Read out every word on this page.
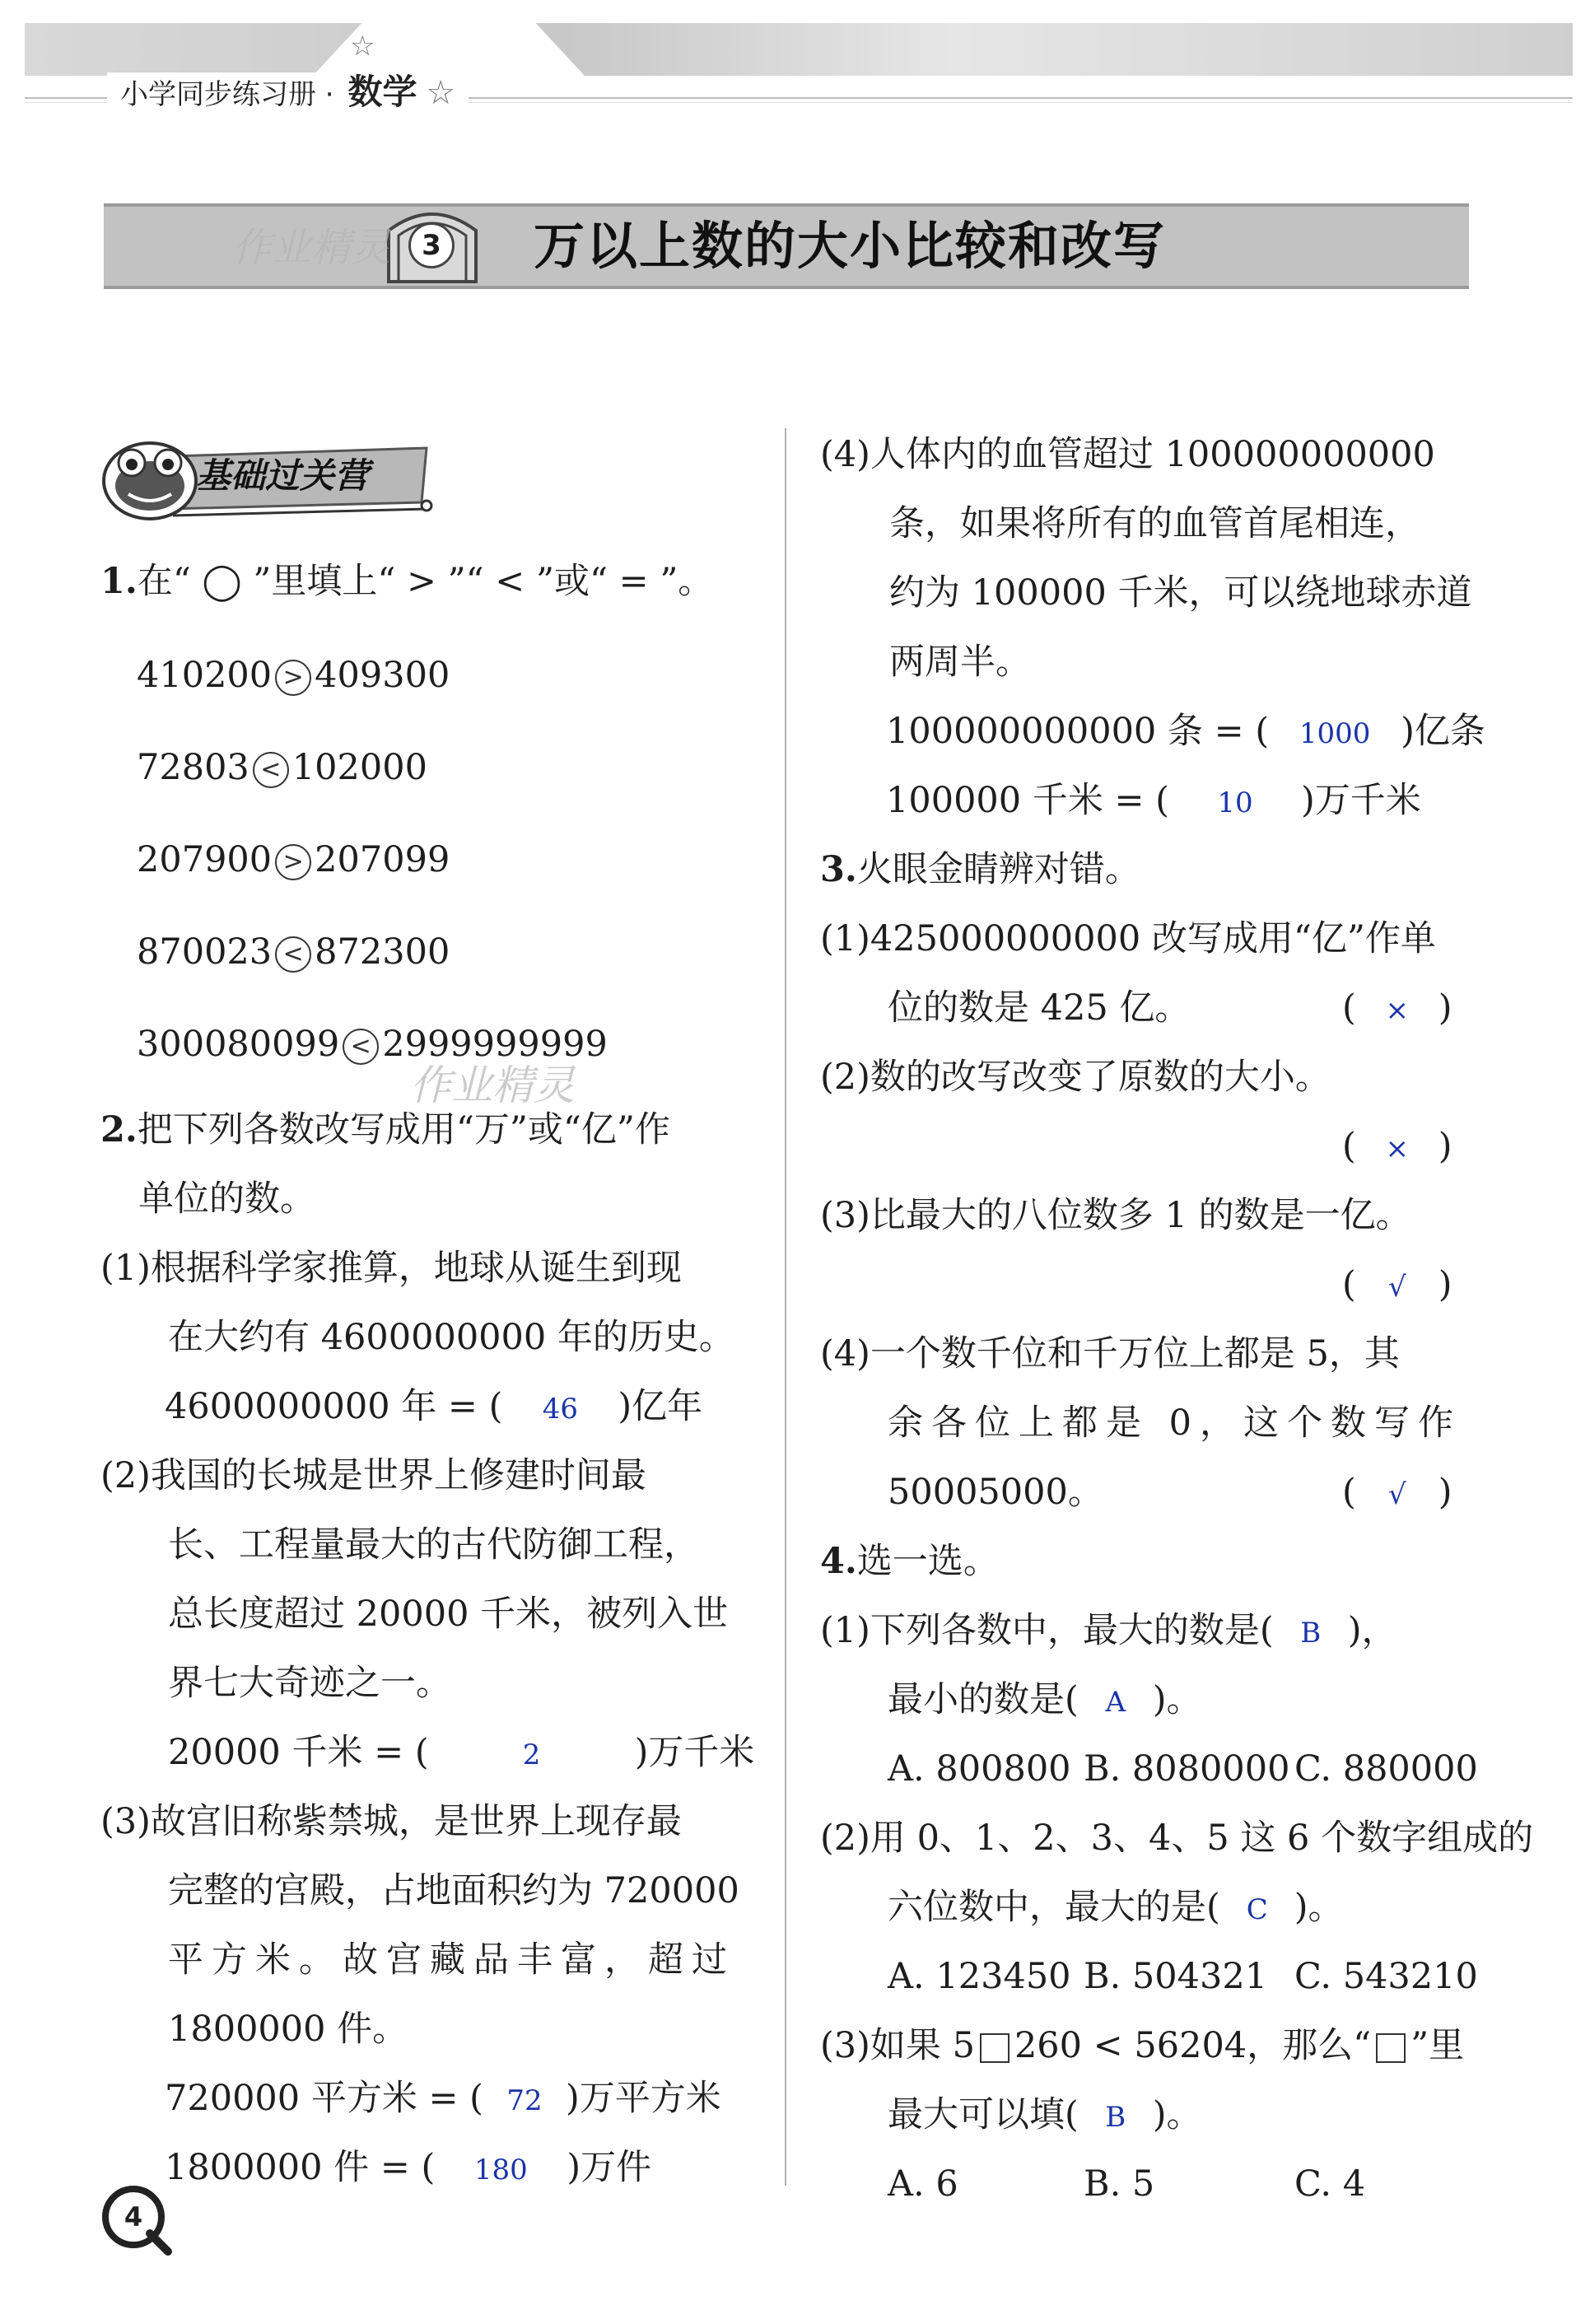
小学同步练习册 · 数学 ☆
☆
3 万以上数的大小比较和改写
作业精灵
基础过关营
1.在“ ◯ ”里填上“ > ”“ < ”或“ = ”。
410200 > 409300
72803 < 102000
207900 > 207099
870023 < 872300
300080099 < 2999999999
作业精灵
2.把下列各数改写成用“万”或“亿”作
单位的数。
(1)根据科学家推算，地球从诞生到现
在大约有 4600000000 年的历史。
4600000000 年 = ( 46 )亿年
(2)我国的长城是世界上修建时间最
长、工程量最大的古代防御工程，
总长度超过 20000 千米，被列入世
界七大奇迹之一。
20000 千米 = (	2	)万千米
(3)故宫旧称紫禁城，是世界上现存最
完整的宫殿，占地面积约为 720000
平方米。故宫藏品丰富，超过
1800000 件。
720000 平方米 = ( 72 )万平方米
1800000 件 = ( 180 )万件
(4)人体内的血管超过 100000000000
条，如果将所有的血管首尾相连，
约为 100000 千米，可以绕地球赤道
两周半。
100000000000 条 = ( 1000 )亿条
100000 千米 = ( 10 )万千米
3.火眼金睛辨对错。
(1)425000000000 改写成用“亿”作单
位的数是 425 亿。	( × )
(2)数的改写改变了原数的大小。
( × )
(3)比最大的八位数多 1 的数是一亿。
( √ )
(4)一个数千位和千万位上都是 5，其
余各位上都是 0，这个数写作
50005000。	( √ )
4.选一选。
(1)下列各数中，最大的数是( B )，
最小的数是( A )。
A. 800800 B. 8080000 C. 880000
(2)用 0、1、2、3、4、5 这 6 个数字组成的
六位数中，最大的是( C )。
A. 123450 B. 504321 C. 543210
(3)如果 5 260 < 56204，那么“ ”里
最大可以填( B )。
A. 6	B. 5	C. 4
4
